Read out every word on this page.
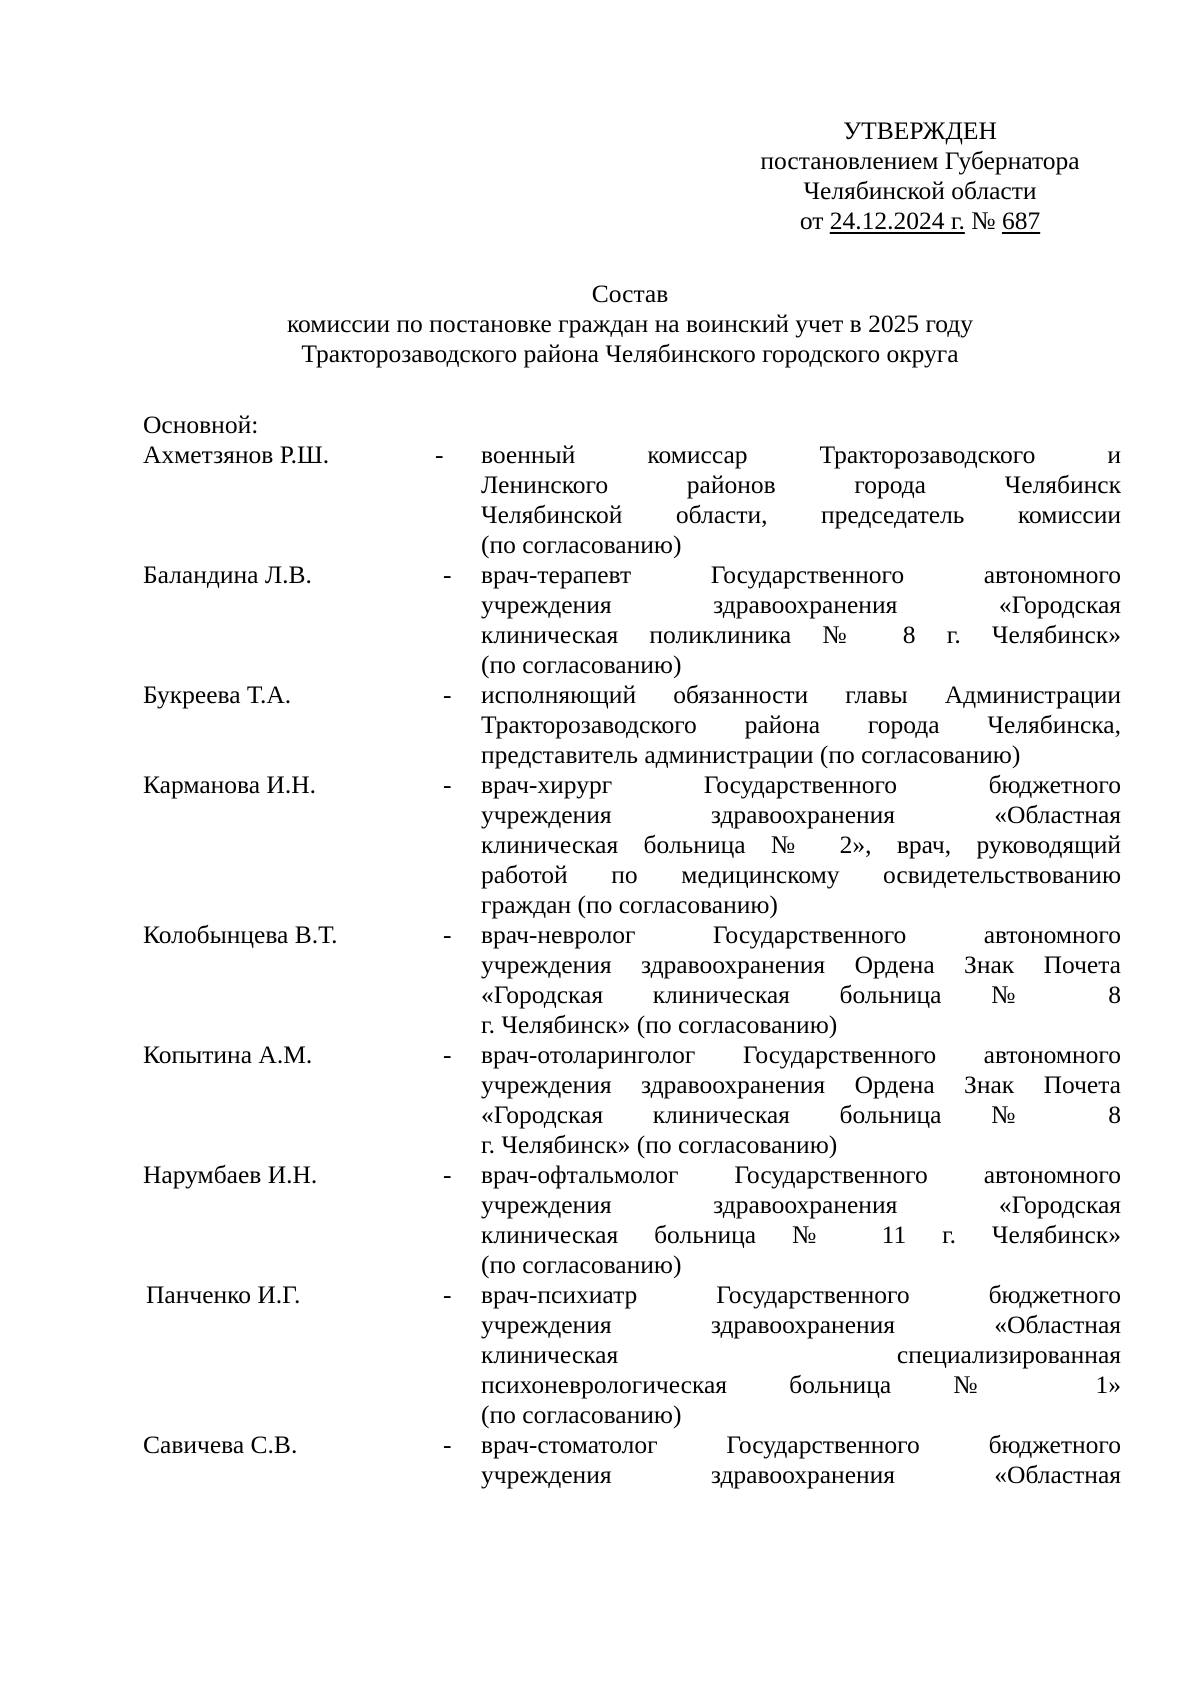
УТВЕРЖДЕН
постановлением Губернатора
Челябинской области
от 24.12.2024 г. № 687
Состав
комиссии по постановке граждан на воинский учет в 2025 году
Тракторозаводского района Челябинского городского округа
Основной:
Ахметзянов Р.Ш.	- военный комиссар Тракторозаводского и
Ленинского районов города Челябинск
Челябинской области, председатель комиссии
(по согласованию)
Баландина Л.В.	- врач-терапевт Государственного автономного
учреждения здравоохранения «Городская
клиническая поликлиника № 8 г. Челябинск»
(по согласованию)
Букреева Т.А.	- исполняющий обязанности главы Администрации
Тракторозаводского района города Челябинска,
представитель администрации (по согласованию)
Карманова И.Н.	- врач-хирург Государственного бюджетного
учреждения здравоохранения «Областная
клиническая больница № 2», врач, руководящий
работой по медицинскому освидетельствованию
граждан (по согласованию)
Колобынцева В.Т.	- врач-невролог Государственного автономного
учреждения здравоохранения Ордена Знак Почета
«Городская клиническая больница № 8
г. Челябинск» (по согласованию)
Копытина А.М.	- врач-отоларинголог Государственного автономного
учреждения здравоохранения Ордена Знак Почета
«Городская клиническая больница № 8
г. Челябинск» (по согласованию)
Нарумбаев И.Н.	- врач-офтальмолог Государственного автономного
учреждения здравоохранения «Городская
клиническая больница № 11 г. Челябинск»
(по согласованию)
Панченко И.Г.	- врач-психиатр Государственного бюджетного
учреждения здравоохранения «Областная
клиническая специализированная
психоневрологическая больница № 1»
(по согласованию)
Савичева С.В.	- врач-стоматолог Государственного бюджетного
учреждения здравоохранения «Областная
